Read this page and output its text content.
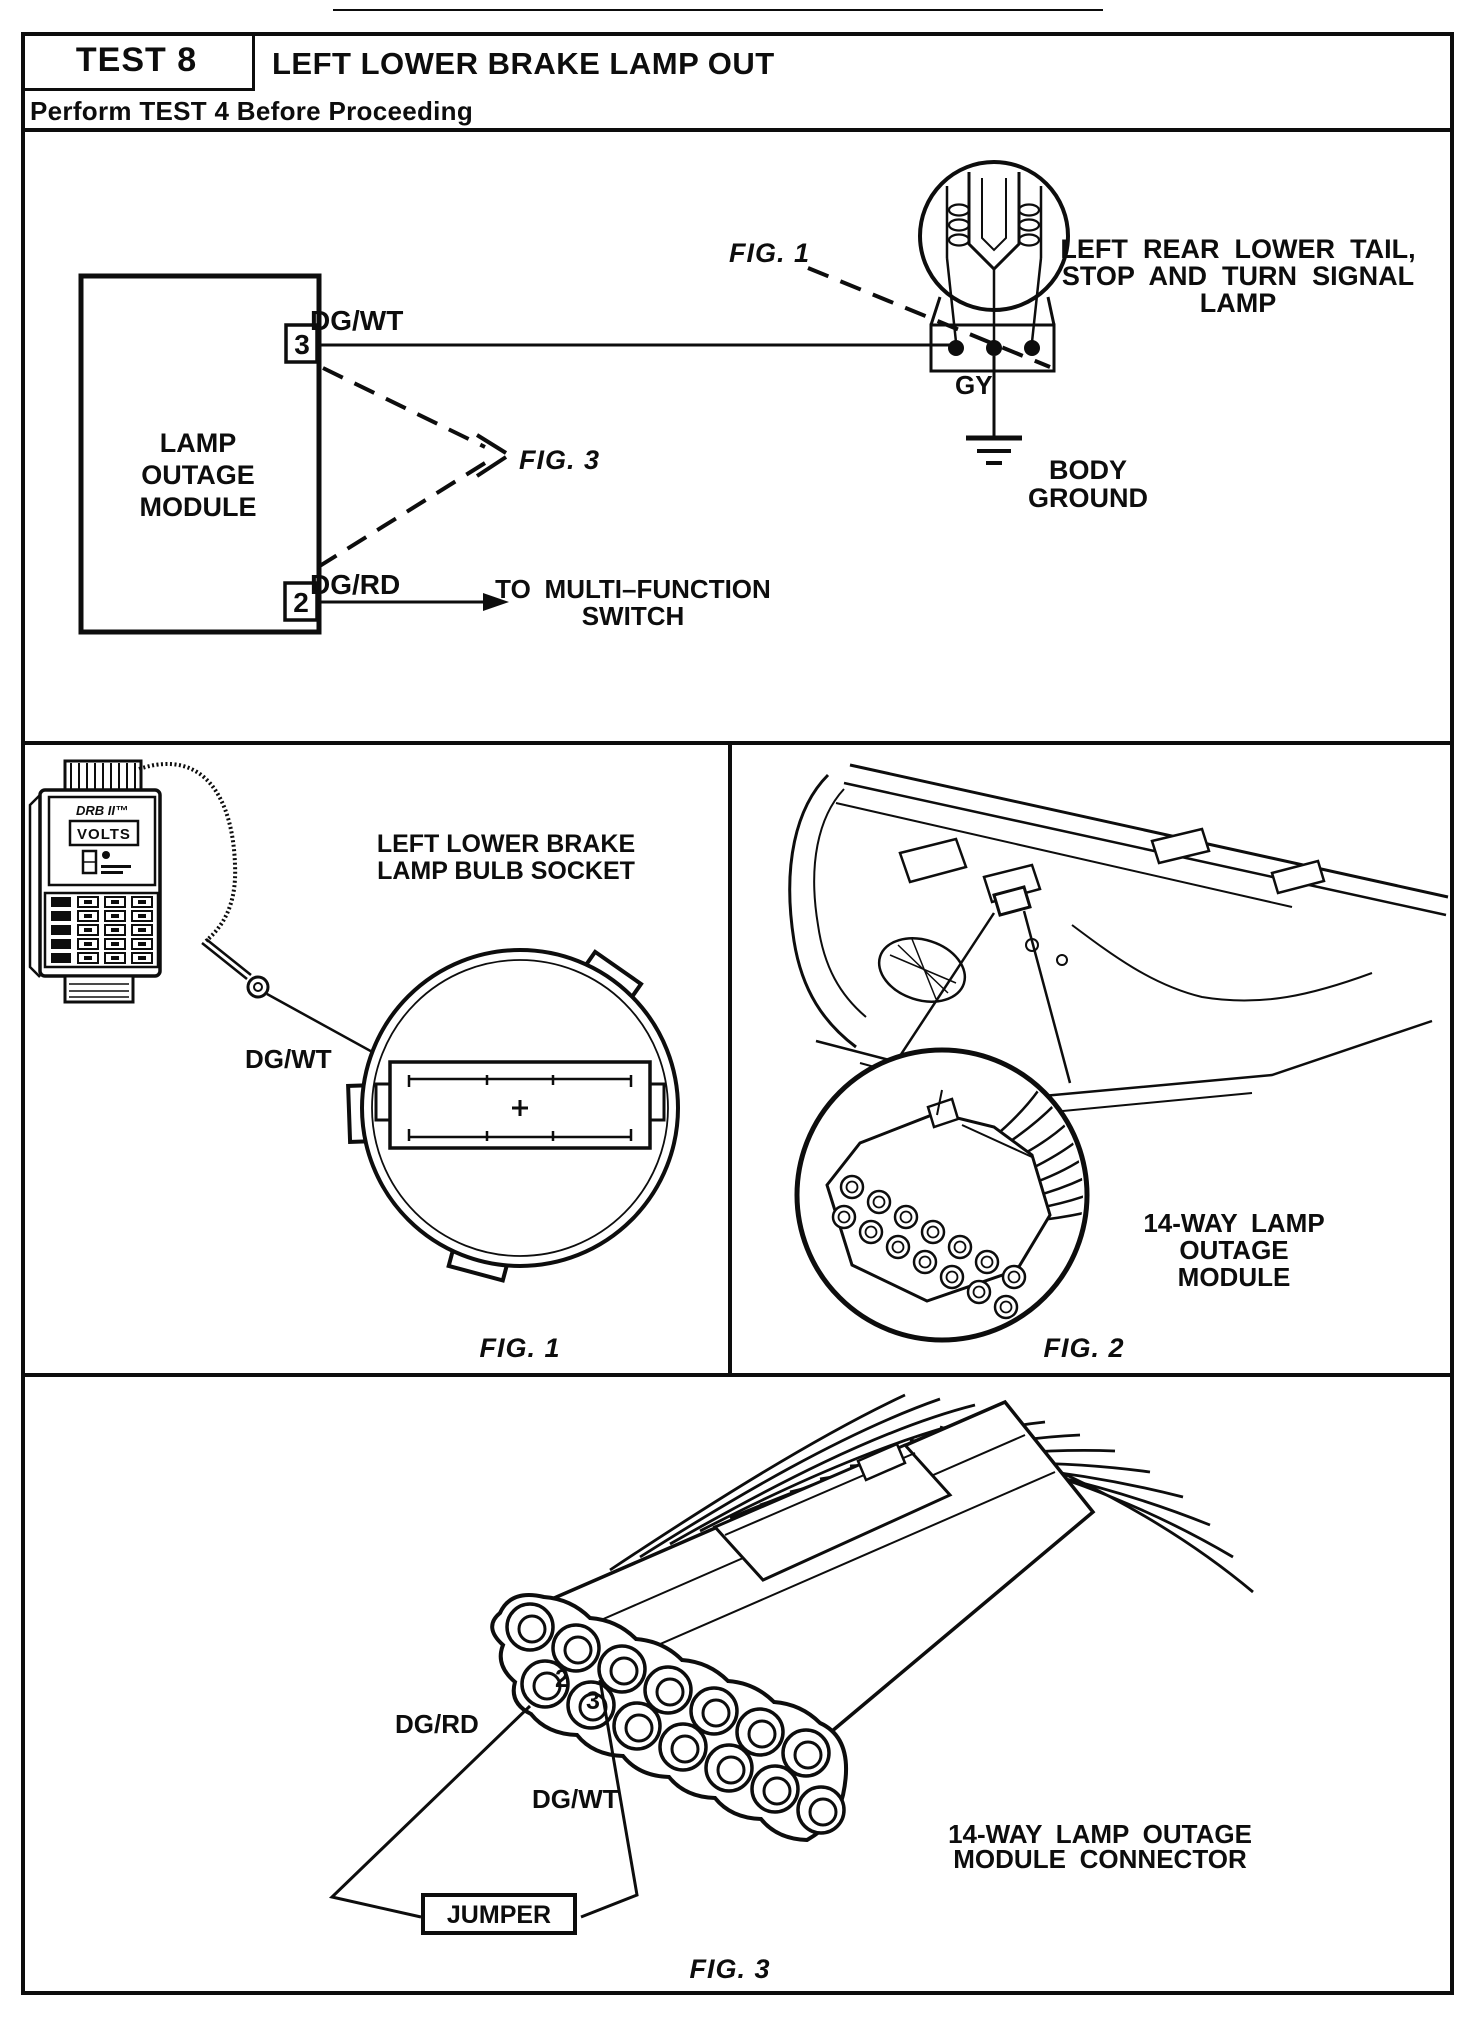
TEST 8 LEFT LOWER BRAKE LAMP OUT
Perform TEST 4 Before Proceeding
LAMP
OUTAGE
MODULE
3
2
DG/WT
FIG. 3
FIG. 1	LEFT REAR LOWER TAIL,
STOP AND TURN SIGNAL
LAMP
GY
BODY
GROUND
DG/RD	TO MULTI–FUNCTION
SWITCH
DRB II™
VOLTS	LEFT LOWER BRAKE
LAMP BULB SOCKET
DG/WT
FIG. 1
14-WAY LAMP
OUTAGE
MODULE
FIG. 2
2
3
DG/RD
DG/WT
JUMPER
14-WAY LAMP OUTAGE
MODULE CONNECTOR
FIG. 3
